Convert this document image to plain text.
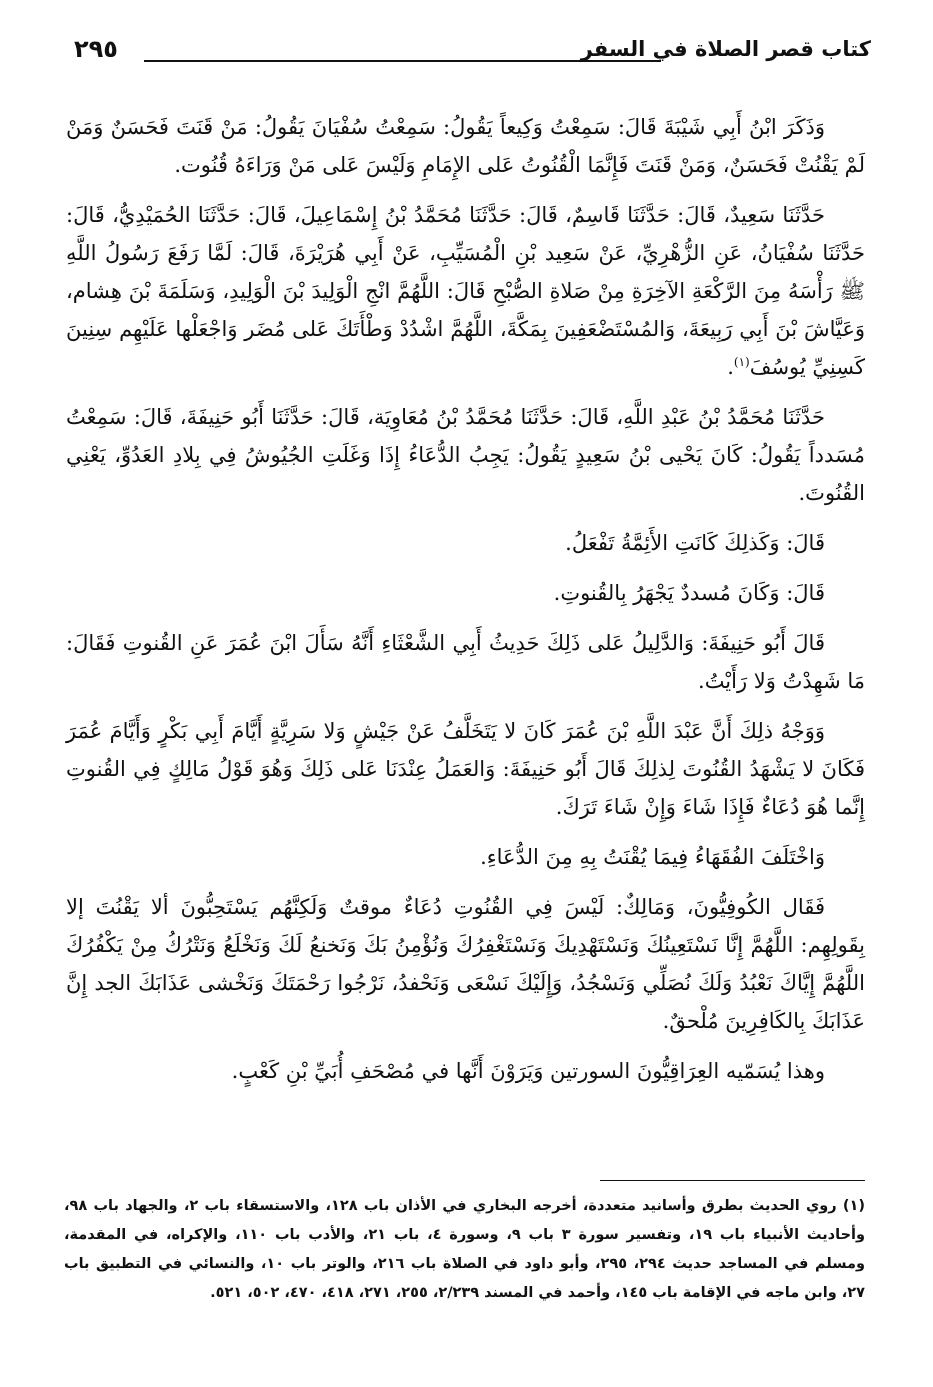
كتاب قصر الصلاة في السفر
٢٩٥

وَذَكَرَ ابْنُ أَبِي شَيْبَةَ قَالَ: سَمِعْتُ وَكِيعاً يَقُولُ: سَمِعْتُ سُفْيَانَ يَقُولُ: مَنْ قَنَتَ فَحَسَنٌ وَمَنْ لَمْ يَقْنُتْ فَحَسَنٌ، وَمَنْ قَنَتَ فَإِنَّمَا الْقُنُوتُ عَلى الإِمَامِ وَلَيْسَ عَلى مَنْ وَرَاءَهُ قُنُوت.

حَدَّثَنَا سَعِيدٌ، قَالَ: حَدَّثَنَا قَاسِمٌ، قَالَ: حَدَّثَنَا مُحَمَّدُ بْنُ إِسْمَاعِيلَ، قَالَ: حَدَّثَنَا الحُمَيْدِيُّ، قَالَ: حَدَّثَنَا سُفْيَانُ، عَنِ الزُّهْرِيِّ، عَنْ سَعِيد بْنِ الْمُسَيِّبِ، عَنْ أَبِي هُرَيْرَةَ، قَالَ: لَمَّا رَفَعَ رَسُولُ اللَّهِ ﷺ رَأْسَهُ مِنَ الرَّكْعَةِ الآخِرَةِ مِنْ صَلاةِ الصُّبْحِ قَالَ: اللَّهُمَّ انْجِ الْوَلِيدَ بْنَ الْوَلِيدِ، وَسَلَمَةَ بْنَ هِشام، وَعَيَّاشَ بْنَ أَبِي رَبِيعَةَ، وَالمُسْتَضْعَفِينَ بِمَكَّةَ، اللَّهُمَّ اشْدُدْ وَطْأَتَكَ عَلى مُضَر وَاجْعَلْها عَلَيْهِم سِنِينَ كَسِنِيِّ يُوسُفَ$^{(١)}$.

حَدَّثَنَا مُحَمَّدُ بْنُ عَبْدِ اللَّهِ، قَالَ: حَدَّثَنَا مُحَمَّدُ بْنُ مُعَاوِيَة، قَالَ: حَدَّثَنَا أَبُو حَنِيفَةَ، قَالَ: سَمِعْتُ مُسَدداً يَقُولُ: كَانَ يَحْيى بْنُ سَعِيدٍ يَقُولُ: يَجِبُ الدُّعَاءُ إِذَا وَغَلَتِ الجُيُوشُ فِي بِلادِ العَدُوِّ، يَعْنِي القُنُوتَ.

قَالَ: وَكَذلِكَ كَانَتِ الأَئِمَّةُ تَفْعَلُ.

قَالَ: وَكَانَ مُسددٌ يَجْهَرُ بِالقُنوتِ.

قَالَ أَبُو حَنِيفَةَ: وَالدَّلِيلُ عَلى ذَلِكَ حَدِيثُ أَبِي الشَّعْثَاءِ أَنَّهُ سَأَلَ ابْنَ عُمَرَ عَنِ القُنوتِ فَقَالَ: مَا شَهِدْتُ وَلا رَأَيْتُ.

وَوَجْهُ ذلِكَ أَنَّ عَبْدَ اللَّهِ بْنَ عُمَرَ كَانَ لا يَتَخَلَّفُ عَنْ جَيْشٍ وَلا سَرِيَّةٍ أَيَّامَ أَبِي بَكْرٍ وَأَيَّامَ عُمَرَ فَكَانَ لا يَشْهَدُ القُنُوتَ لِذلِكَ قَالَ أَبُو حَنِيفَةَ: وَالعَمَلُ عِنْدَنَا عَلى ذَلِكَ وَهُوَ قَوْلُ مَالِكٍ فِي القُنوتِ إِنَّما هُوَ دُعَاءٌ فَإِذَا شَاءَ وَإِنْ شَاءَ تَرَكَ.

وَاخْتَلَفَ الفُقَهَاءُ فِيمَا يُقْنَتُ بِهِ مِنَ الدُّعَاءِ.

فَقَال الكُوفِيُّونَ، وَمَالِكٌ: لَيْسَ فِي القُنُوتِ دُعَاءٌ موقتٌ وَلَكِنَّهُم يَسْتَحِبُّونَ ألا يَقْنُتَ إلا بِقَولِهِم: اللَّهُمَّ إِنَّا نَسْتَعِينُكَ وَنَسْتَهْدِيكَ وَنَسْتَغْفِرُكَ وَنُؤْمِنُ بَكَ وَنَخنعُ لَكَ وَنَخْلَعُ وَنَتْرُكُ مِنْ يَكْفُرُكَ اللَّهُمَّ إِيَّاكَ نَعْبُدُ وَلَكَ نُصَلِّي وَنَسْجُدُ، وَإِلَيْكَ نَسْعَى وَنَحْفدُ، نَرْجُوا رَحْمَتَكَ وَنَخْشى عَذَابَكَ الجد إِنَّ عَذَابَكَ بِالكَافِرِينَ مُلْحقٌ.

وهذا يُسَمّيه العِرَاقِيُّونَ السورتين وَيَرَوْنَ أَنَّها في مُصْحَفِ أُبَيِّ بْنِ كَعْبٍ.

(١) روي الحديث بطرق وأسانيد متعددة، أخرجه البخاري في الأذان باب ١٢٨، والاستسقاء باب ٢، والجهاد باب ٩٨، وأحاديث الأنبياء باب ١٩، وتفسير سورة ٣ باب ٩، وسورة ٤، باب ٢١، والأدب باب ١١٠، والإكراه، في المقدمة، ومسلم في المساجد حديث ٢٩٤، ٢٩٥، وأبو داود في الصلاة باب ٢١٦، والوتر باب ١٠، والنسائي في التطبيق باب ٢٧، وابن ماجه في الإقامة باب ١٤٥، وأحمد في المسند ٢/٢٣٩، ٢٥٥، ٢٧١، ٤١٨، ٤٧٠، ٥٠٢، ٥٢١.
